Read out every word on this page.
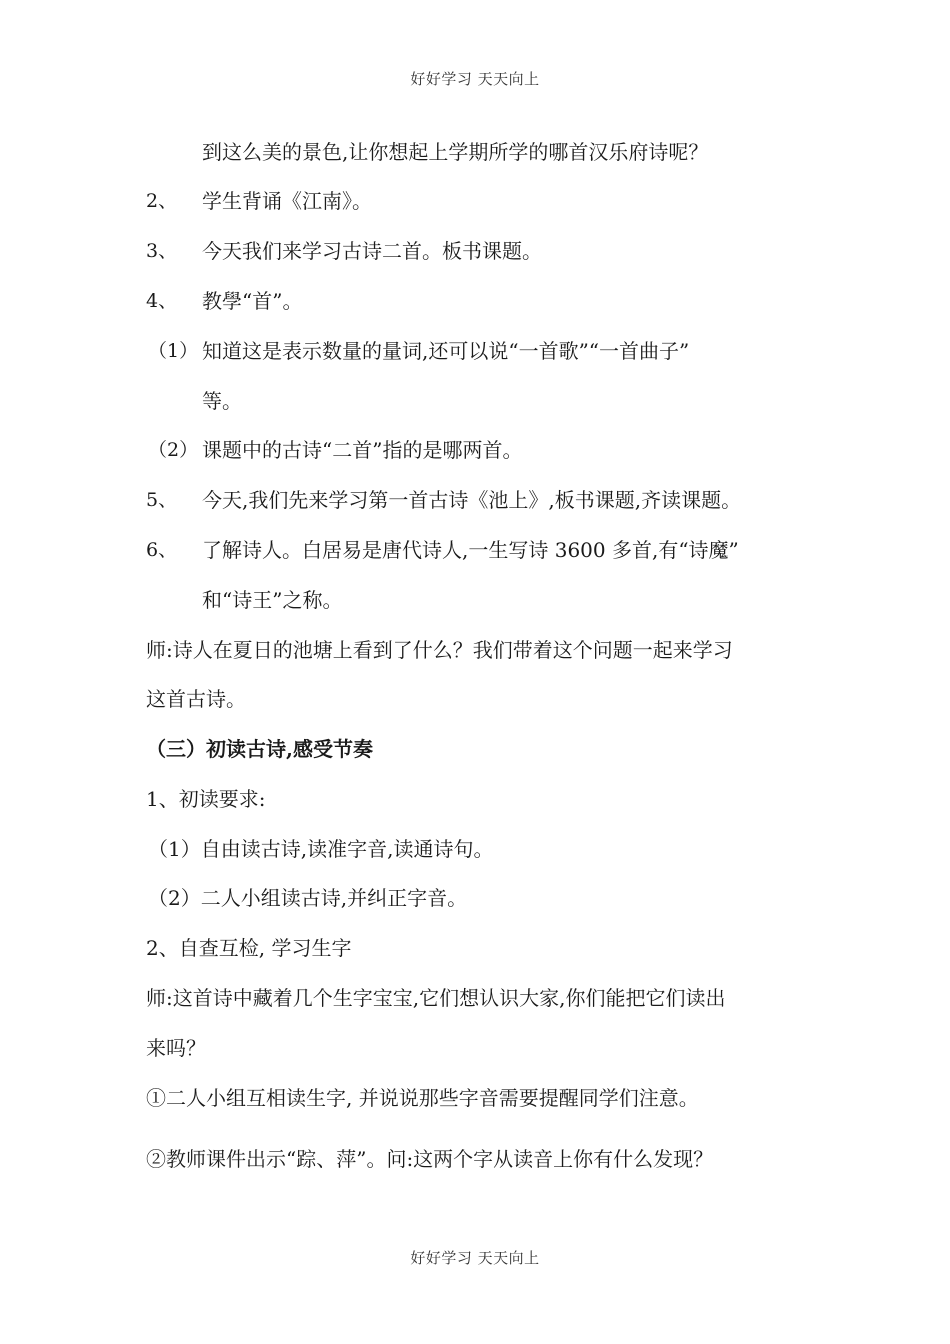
好好学习 天天向上
到这么美的景色,让你想起上学期所学的哪首汉乐府诗呢？
2、 学生背诵《江南》。
3、 今天我们来学习古诗二首。板书课题。
4、 教學“首”。
（1） 知道这是表示数量的量词,还可以说“一首歌”“一首曲子”
等。
（2） 课题中的古诗“二首”指的是哪两首。
5、 今天,我们先来学习第一首古诗《池上》,板书课题,齐读课题。
6、 了解诗人。白居易是唐代诗人,一生写诗 3600 多首,有“诗魔”
和“诗王”之称。
师:诗人在夏日的池塘上看到了什么？我们带着这个问题一起来学习
这首古诗。
（三）初读古诗,感受节奏
1、初读要求:
（1）自由读古诗,读准字音,读通诗句。
（2）二人小组读古诗,并纠正字音。
2、自查互检, 学习生字
师:这首诗中藏着几个生字宝宝,它们想认识大家,你们能把它们读出
来吗？
①二人小组互相读生字, 并说说那些字音需要提醒同学们注意。
②教师课件出示“踪、萍”。问:这两个字从读音上你有什么发现？
好好学习 天天向上
